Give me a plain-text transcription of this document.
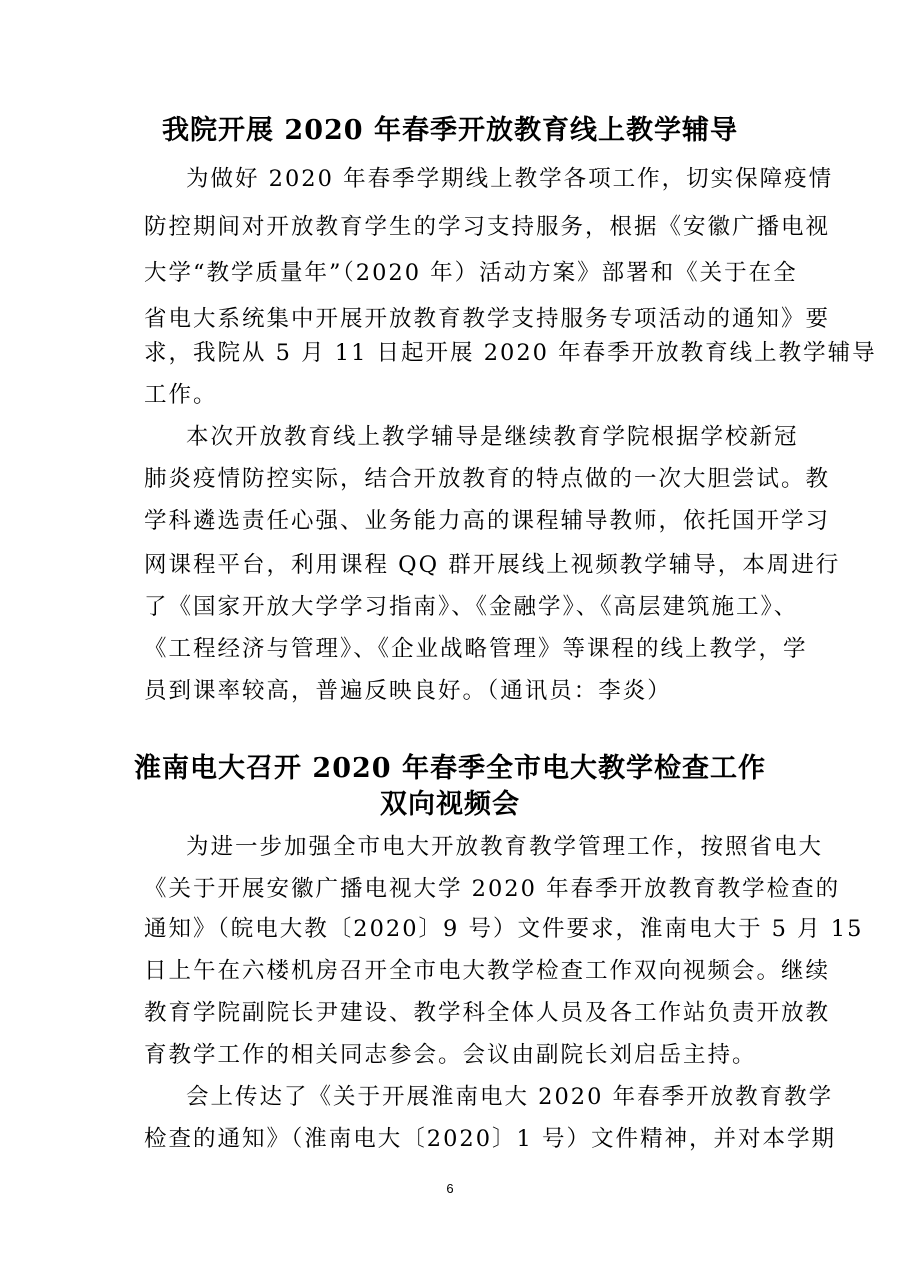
我院开展 2020 年春季开放教育线上教学辅导
为做好 2020 年春季学期线上教学各项工作，切实保障疫情
防控期间对开放教育学生的学习支持服务，根据《安徽广播电视
大学“教学质量年”（2020 年）活动方案》部署和《关于在全
省电大系统集中开展开放教育教学支持服务专项活动的通知》要
求，我院从 5 月 11 日起开展 2020 年春季开放教育线上教学辅导
工作。
本次开放教育线上教学辅导是继续教育学院根据学校新冠
肺炎疫情防控实际，结合开放教育的特点做的一次大胆尝试。教
学科遴选责任心强、业务能力高的课程辅导教师，依托国开学习
网课程平台，利用课程 QQ 群开展线上视频教学辅导，本周进行
了《国家开放大学学习指南》、《金融学》、《高层建筑施工》、
《工程经济与管理》、《企业战略管理》等课程的线上教学，学
员到课率较高，普遍反映良好。（通讯员：李炎）
淮南电大召开 2020 年春季全市电大教学检查工作
双向视频会
为进一步加强全市电大开放教育教学管理工作，按照省电大
《关于开展安徽广播电视大学 2020 年春季开放教育教学检查的
通知》（皖电大教〔2020〕9 号）文件要求，淮南电大于 5 月 15
日上午在六楼机房召开全市电大教学检查工作双向视频会。继续
教育学院副院长尹建设、教学科全体人员及各工作站负责开放教
育教学工作的相关同志参会。会议由副院长刘启岳主持。
会上传达了《关于开展淮南电大 2020 年春季开放教育教学
检查的通知》（淮南电大〔2020〕1 号）文件精神，并对本学期
6
